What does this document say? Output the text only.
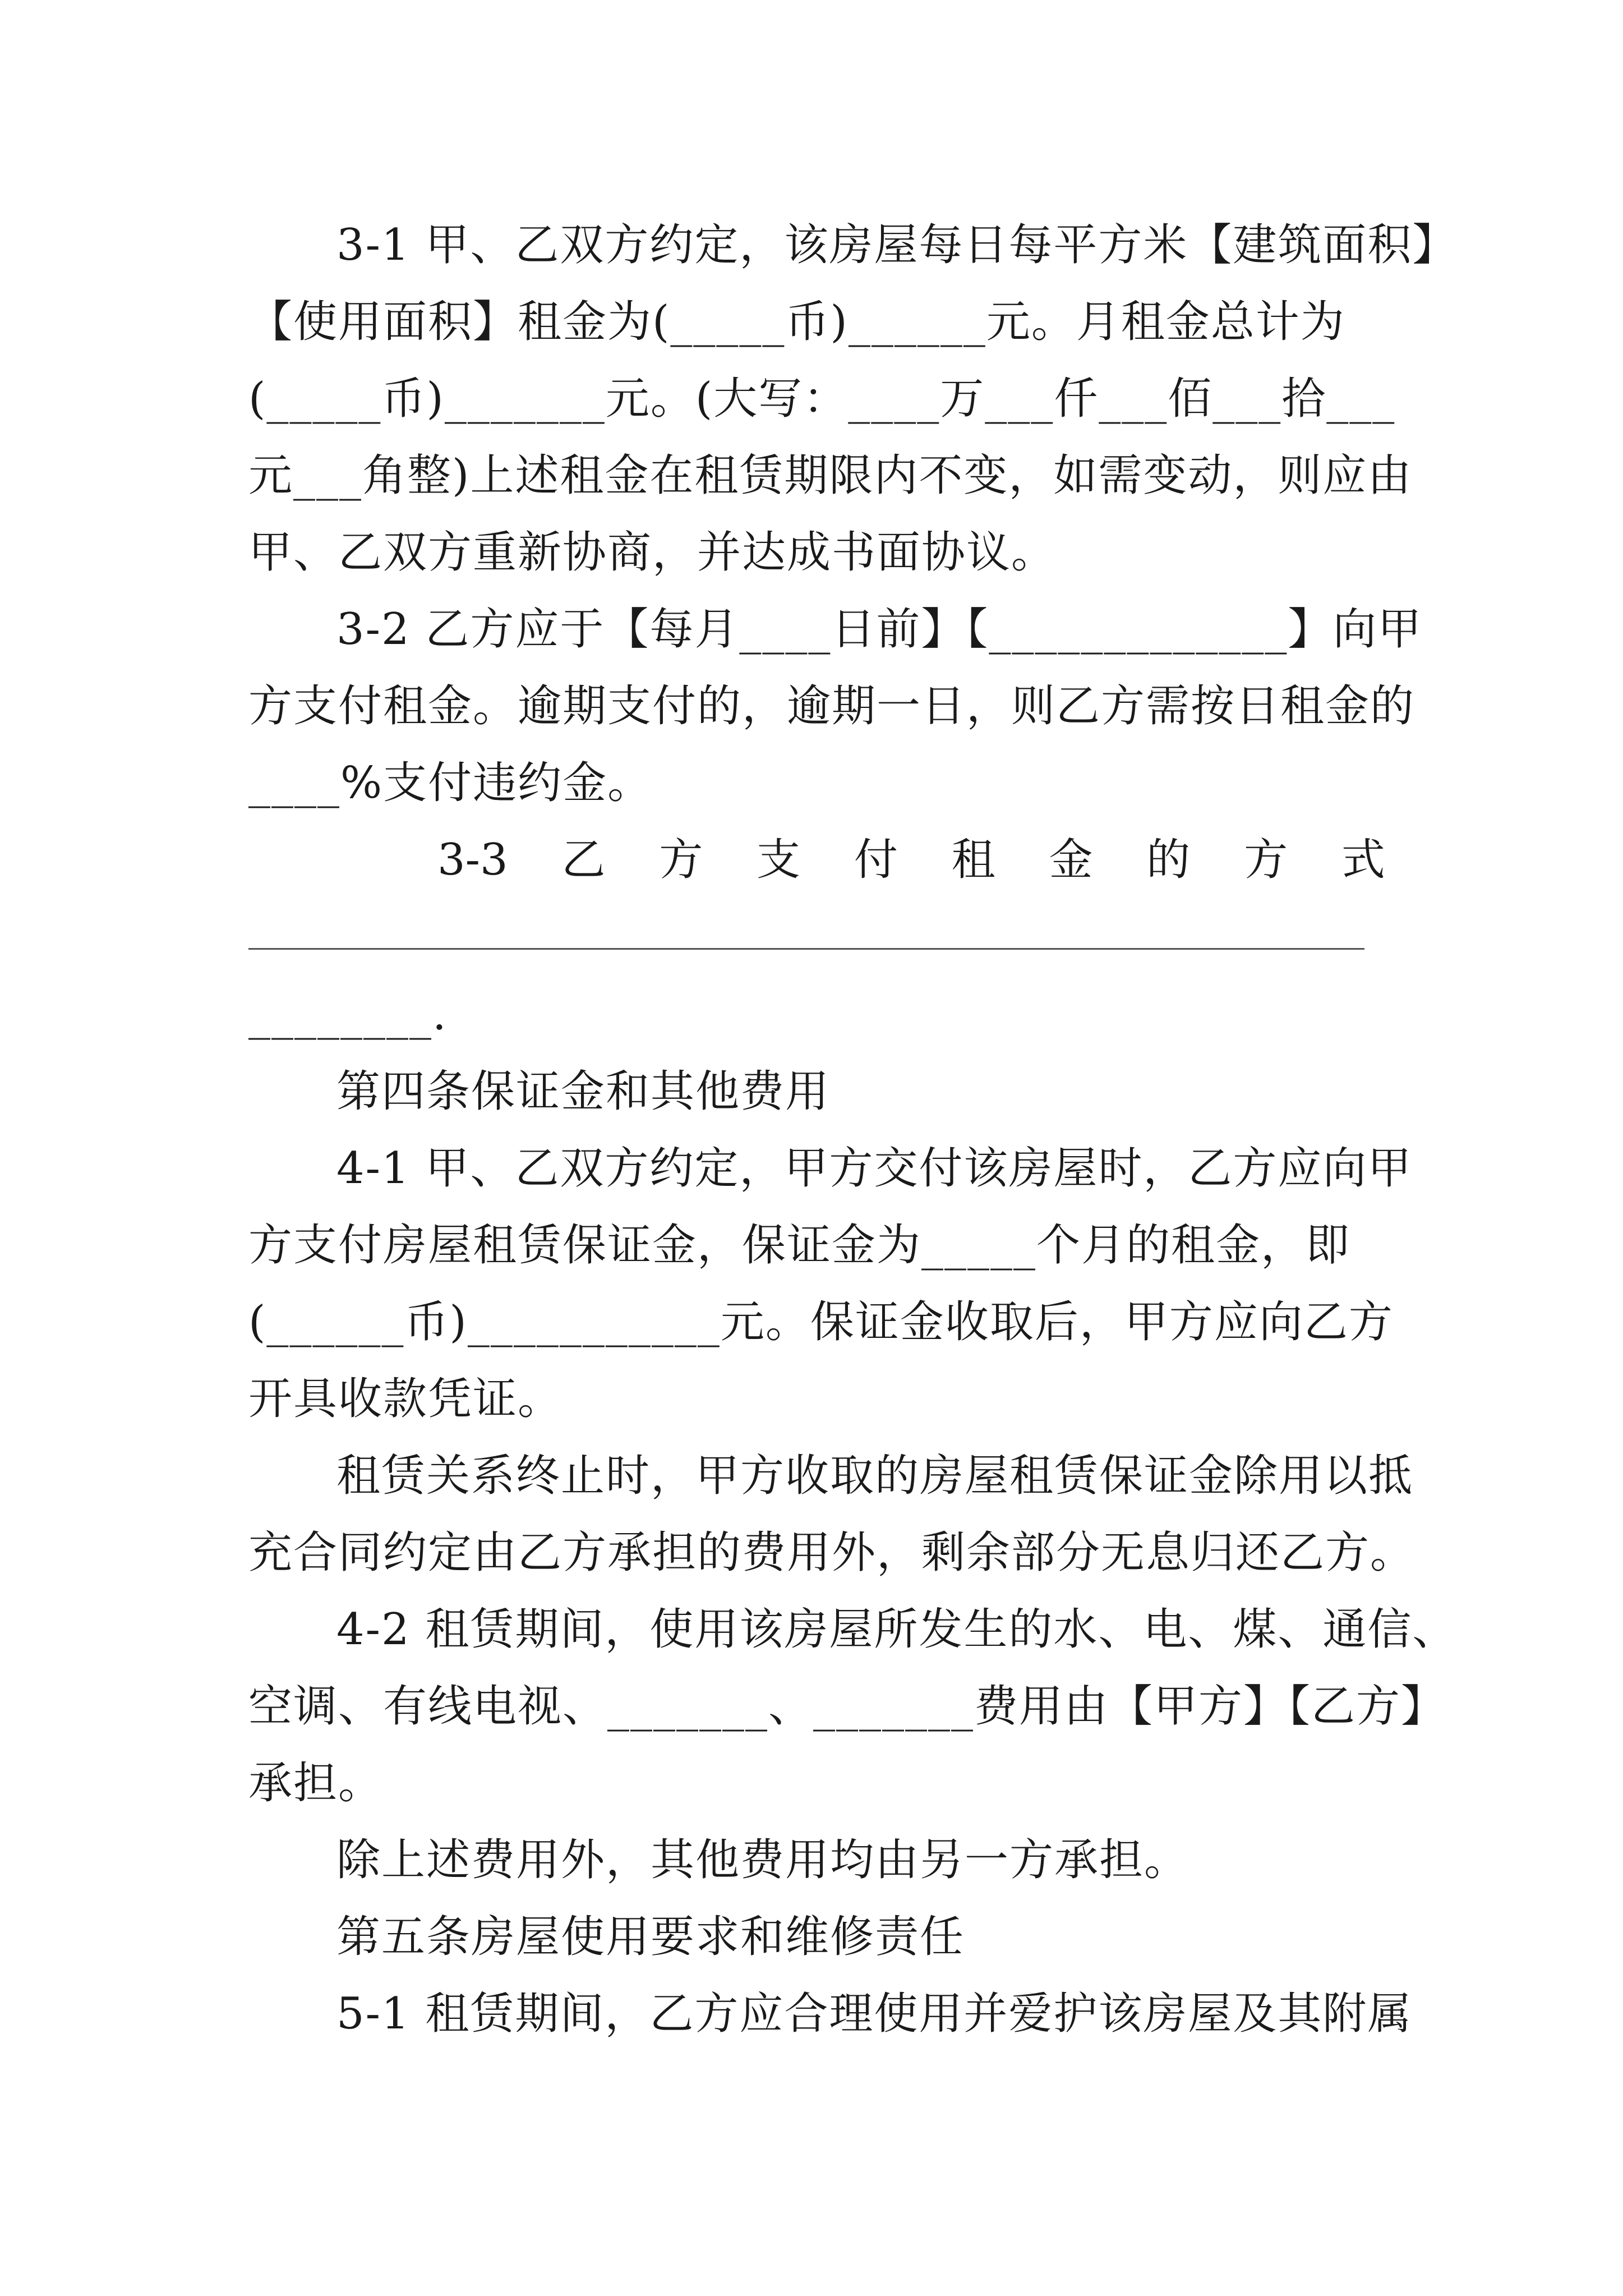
3-1 甲、乙双方约定，该房屋每日每平方米【建筑面积】
【使用面积】租金为(_____币)______元。月租金总计为
(_____币)_______元。(大写：____万___仟___佰___拾___
元___角整)上述租金在租赁期限内不变，如需变动，则应由
甲、乙双方重新协商，并达成书面协议。
3-2 乙方应于【每月____日前】【_____________】向甲
方支付租金。逾期支付的，逾期一日，则乙方需按日租金的
____%支付违约金。
3-3 乙 方 支 付 租 金 的 方 式
________.
第四条保证金和其他费用
4-1 甲、乙双方约定，甲方交付该房屋时，乙方应向甲
方支付房屋租赁保证金，保证金为_____个月的租金，即
(______币)___________元。保证金收取后，甲方应向乙方
开具收款凭证。
租赁关系终止时，甲方收取的房屋租赁保证金除用以抵
充合同约定由乙方承担的费用外，剩余部分无息归还乙方。
4-2 租赁期间，使用该房屋所发生的水、电、煤、通信、
空调、有线电视、_______、_______费用由【甲方】【乙方】
承担。
除上述费用外，其他费用均由另一方承担。
第五条房屋使用要求和维修责任
5-1 租赁期间，乙方应合理使用并爱护该房屋及其附属
